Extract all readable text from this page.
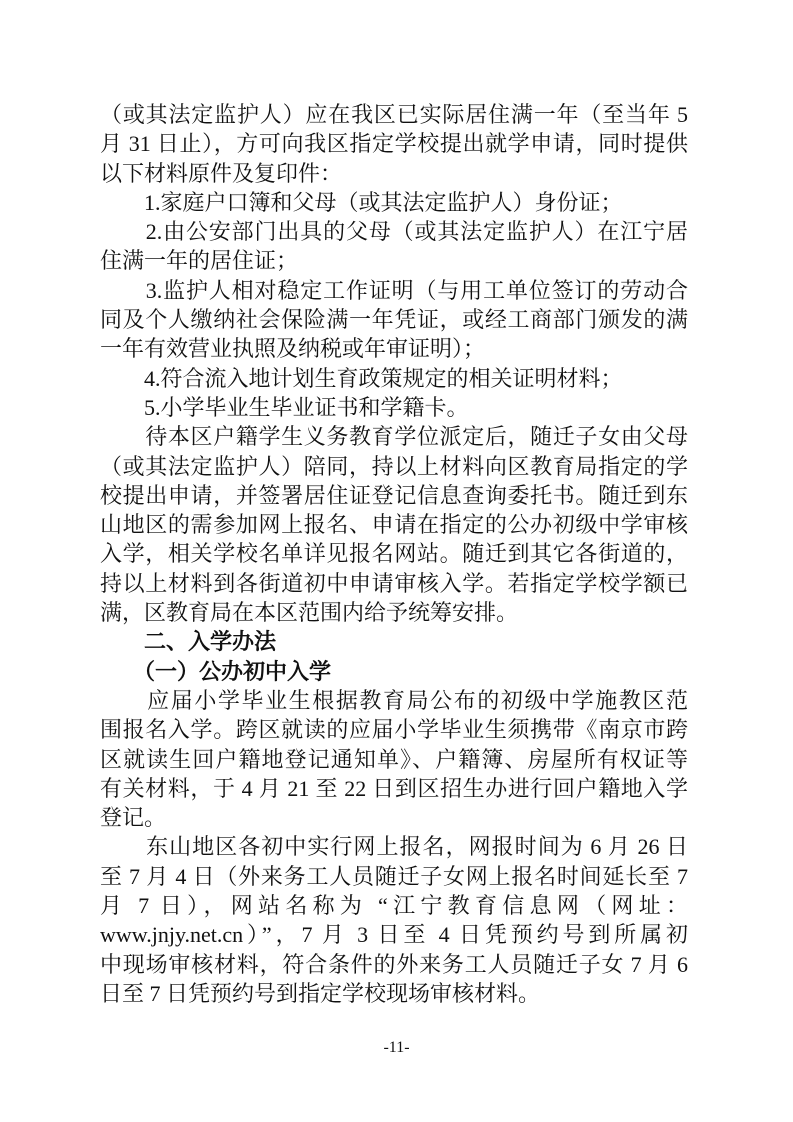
（或其法定监护人）应在我区已实际居住满一年（至当年 5
月 31 日止），方可向我区指定学校提出就学申请，同时提供
以下材料原件及复印件：
　　1.家庭户口簿和父母（或其法定监护人）身份证；
　　2.由公安部门出具的父母（或其法定监护人）在江宁居
住满一年的居住证；
　　3.监护人相对稳定工作证明（与用工单位签订的劳动合
同及个人缴纳社会保险满一年凭证，或经工商部门颁发的满
一年有效营业执照及纳税或年审证明）；
　　4.符合流入地计划生育政策规定的相关证明材料；
　　5.小学毕业生毕业证书和学籍卡。
　　待本区户籍学生义务教育学位派定后，随迁子女由父母
（或其法定监护人）陪同，持以上材料向区教育局指定的学
校提出申请，并签署居住证登记信息查询委托书。随迁到东
山地区的需参加网上报名、申请在指定的公办初级中学审核
入学，相关学校名单详见报名网站。随迁到其它各街道的，
持以上材料到各街道初中申请审核入学。若指定学校学额已
满，区教育局在本区范围内给予统筹安排。
　　二、入学办法
　　（一）公办初中入学
　　应届小学毕业生根据教育局公布的初级中学施教区范
围报名入学。跨区就读的应届小学毕业生须携带《南京市跨
区就读生回户籍地登记通知单》、户籍簿、房屋所有权证等
有关材料，于 4 月 21 至 22 日到区招生办进行回户籍地入学
登记。
　　东山地区各初中实行网上报名，网报时间为 6 月 26 日
至 7 月 4 日（外来务工人员随迁子女网上报名时间延长至 7
月 7 日），网站名称为 “江宁教育信息网（网址：
www.jnjy.net.cn）”，7 月 3 日至 4 日凭预约号到所属初
中现场审核材料，符合条件的外来务工人员随迁子女 7 月 6
日至 7 日凭预约号到指定学校现场审核材料。
-11-
